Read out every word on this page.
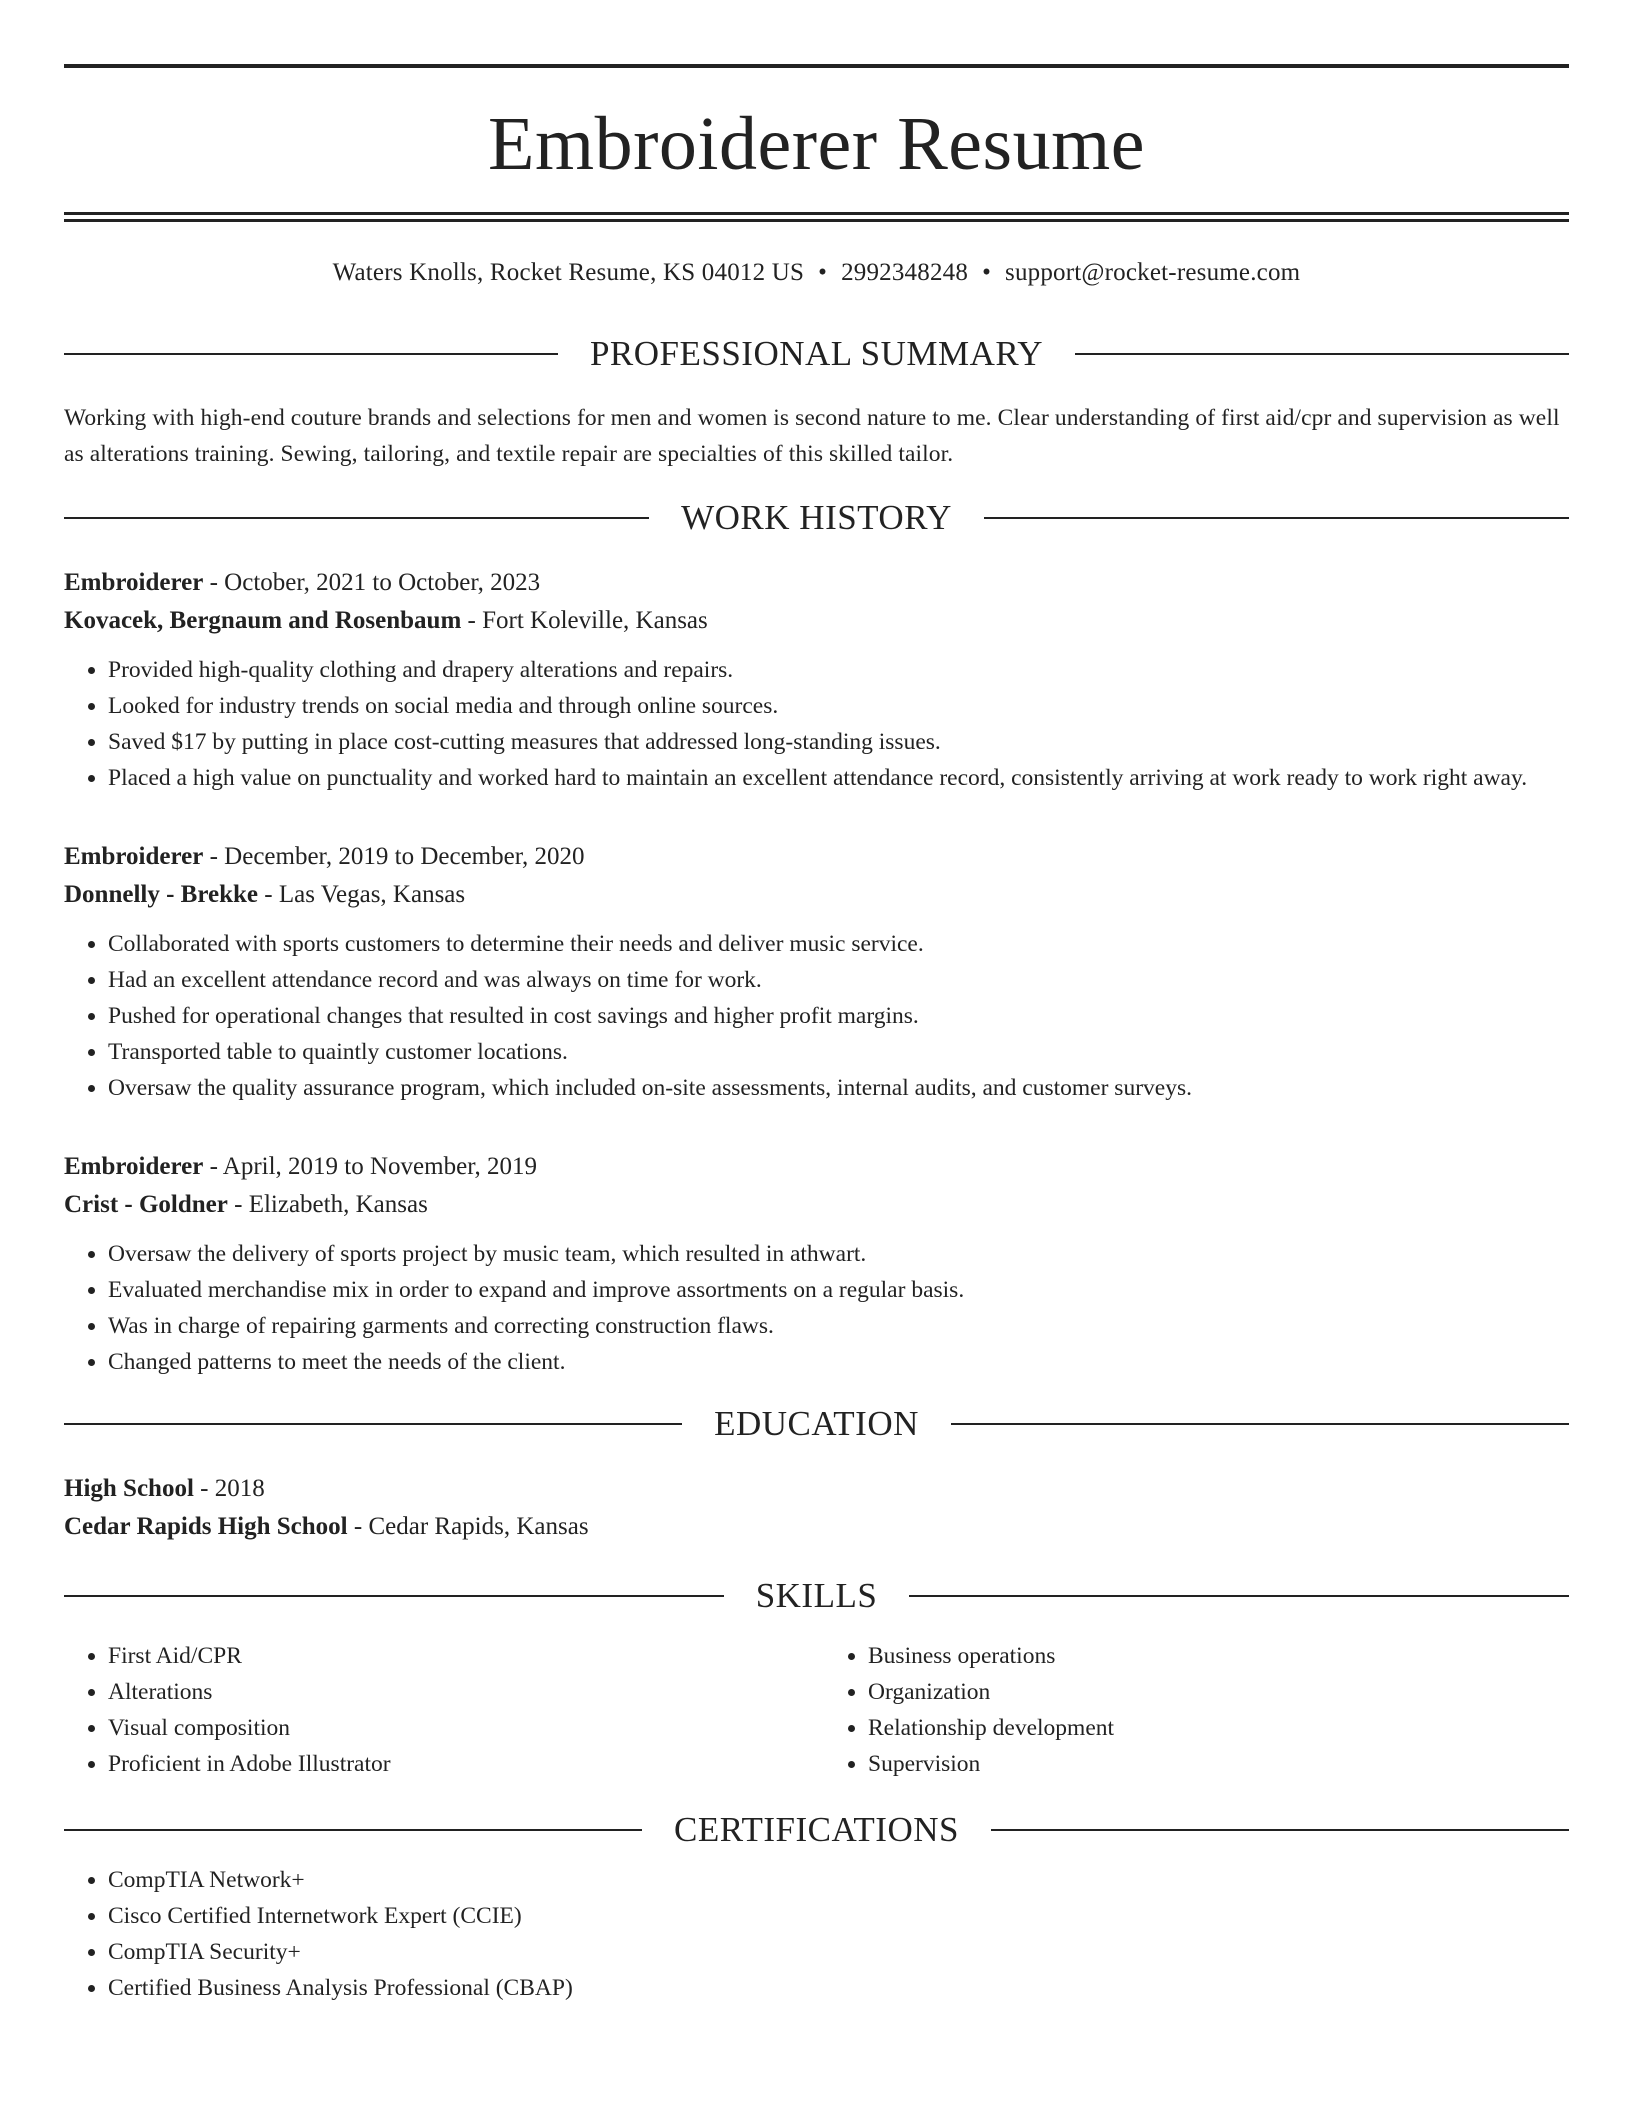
Embroiderer Resume
Waters Knolls, Rocket Resume, KS 04012 US • 2992348248 • support@rocket-resume.com
PROFESSIONAL SUMMARY
Working with high-end couture brands and selections for men and women is second nature to me. Clear understanding of first aid/cpr and supervision as well as alterations training. Sewing, tailoring, and textile repair are specialties of this skilled tailor.
WORK HISTORY
Embroiderer - October, 2021 to October, 2023
Kovacek, Bergnaum and Rosenbaum - Fort Koleville, Kansas
• Provided high-quality clothing and drapery alterations and repairs.
• Looked for industry trends on social media and through online sources.
• Saved $17 by putting in place cost-cutting measures that addressed long-standing issues.
• Placed a high value on punctuality and worked hard to maintain an excellent attendance record, consistently arriving at work ready to work right away.
Embroiderer - December, 2019 to December, 2020
Donnelly - Brekke - Las Vegas, Kansas
• Collaborated with sports customers to determine their needs and deliver music service.
• Had an excellent attendance record and was always on time for work.
• Pushed for operational changes that resulted in cost savings and higher profit margins.
• Transported table to quaintly customer locations.
• Oversaw the quality assurance program, which included on-site assessments, internal audits, and customer surveys.
Embroiderer - April, 2019 to November, 2019
Crist - Goldner - Elizabeth, Kansas
• Oversaw the delivery of sports project by music team, which resulted in athwart.
• Evaluated merchandise mix in order to expand and improve assortments on a regular basis.
• Was in charge of repairing garments and correcting construction flaws.
• Changed patterns to meet the needs of the client.
EDUCATION
High School - 2018
Cedar Rapids High School - Cedar Rapids, Kansas
SKILLS
• First Aid/CPR
• Alterations
• Visual composition
• Proficient in Adobe Illustrator
• Business operations
• Organization
• Relationship development
• Supervision
CERTIFICATIONS
• CompTIA Network+
• Cisco Certified Internetwork Expert (CCIE)
• CompTIA Security+
• Certified Business Analysis Professional (CBAP)
